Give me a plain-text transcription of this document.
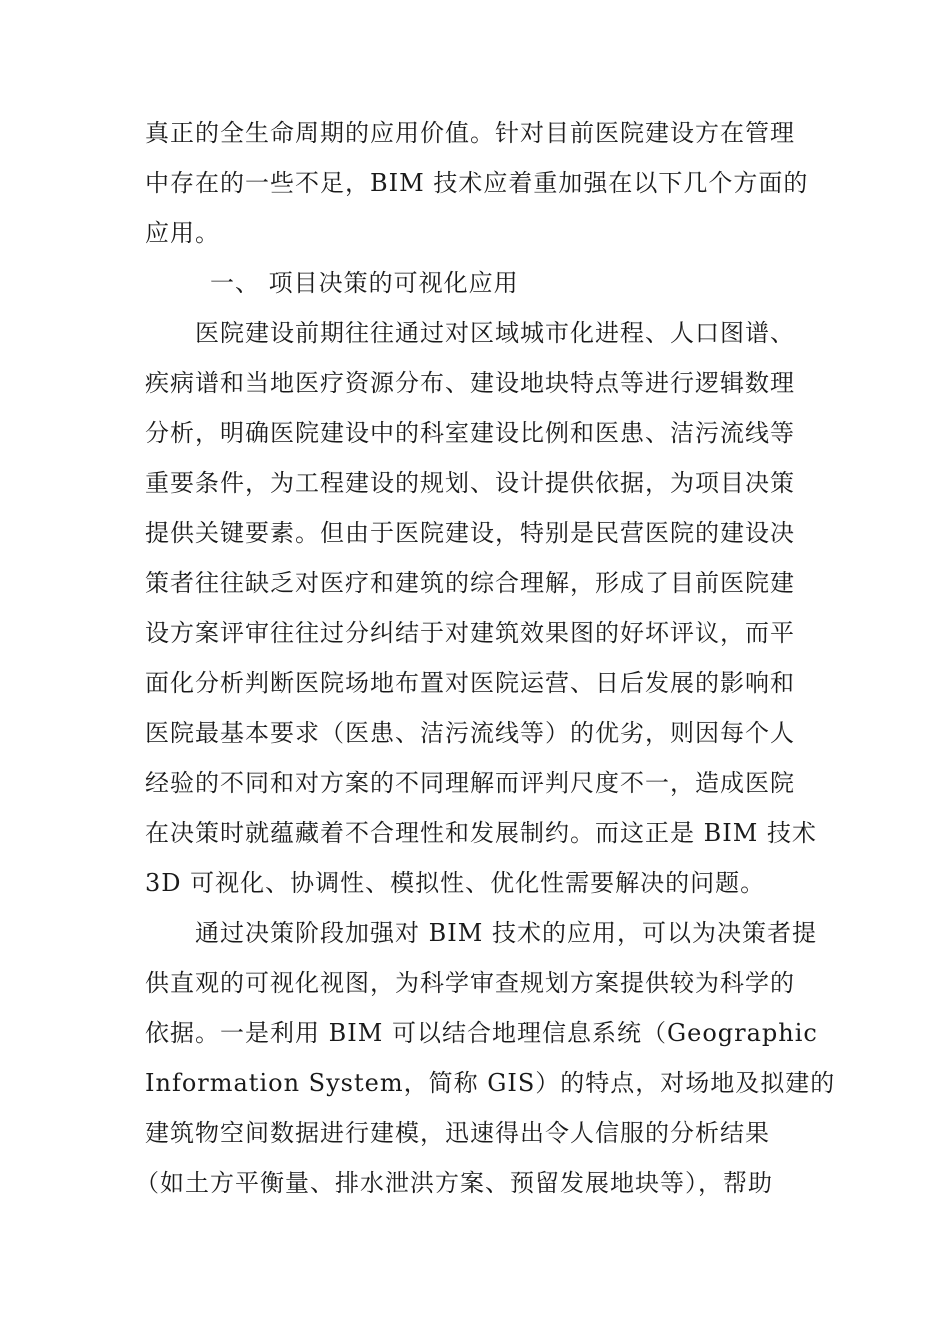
真正的全生命周期的应用价值。针对目前医院建设方在管理
中存在的一些不足，BIM 技术应着重加强在以下几个方面的
应用。
一、 项目决策的可视化应用
医院建设前期往往通过对区域城市化进程、人口图谱、
疾病谱和当地医疗资源分布、建设地块特点等进行逻辑数理
分析，明确医院建设中的科室建设比例和医患、洁污流线等
重要条件，为工程建设的规划、设计提供依据，为项目决策
提供关键要素。但由于医院建设，特别是民营医院的建设决
策者往往缺乏对医疗和建筑的综合理解，形成了目前医院建
设方案评审往往过分纠结于对建筑效果图的好坏评议，而平
面化分析判断医院场地布置对医院运营、日后发展的影响和
医院最基本要求（医患、洁污流线等）的优劣，则因每个人
经验的不同和对方案的不同理解而评判尺度不一，造成医院
在决策时就蕴藏着不合理性和发展制约。而这正是 BIM 技术
3D 可视化、协调性、模拟性、优化性需要解决的问题。
通过决策阶段加强对 BIM 技术的应用，可以为决策者提
供直观的可视化视图，为科学审查规划方案提供较为科学的
依据。一是利用 BIM 可以结合地理信息系统（Geographic
Information System，简称 GIS）的特点，对场地及拟建的
建筑物空间数据进行建模，迅速得出令人信服的分析结果
（如土方平衡量、排水泄洪方案、预留发展地块等），帮助
